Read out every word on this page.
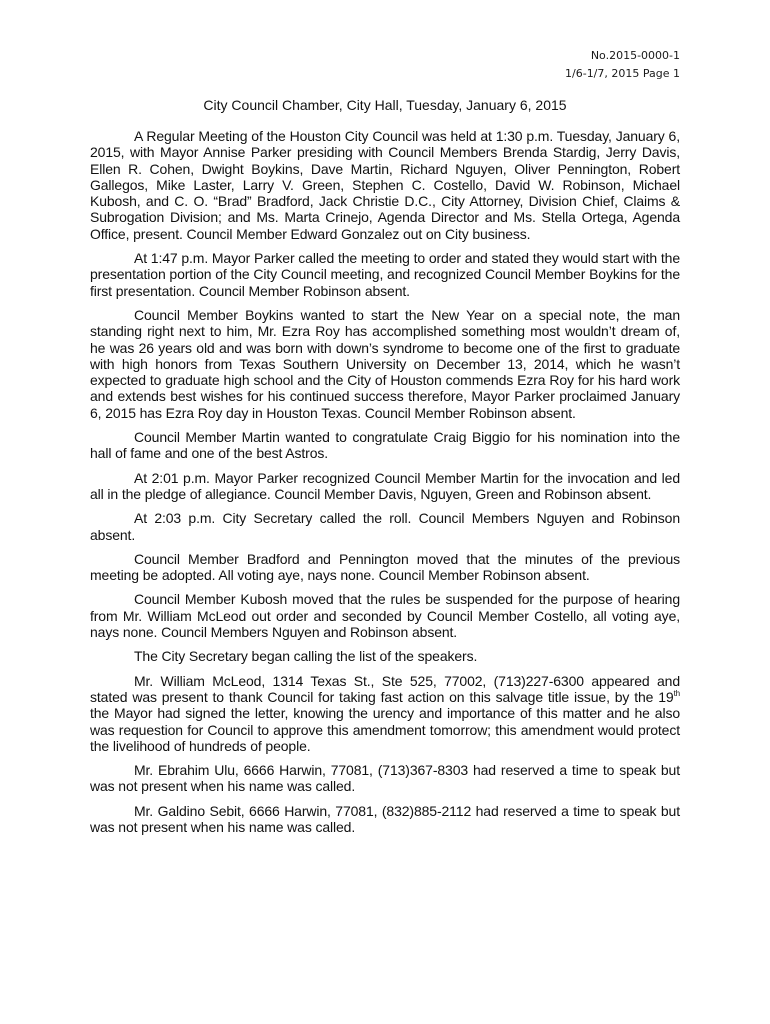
No.2015-0000-1
1/6-1/7, 2015 Page 1
City Council Chamber, City Hall, Tuesday, January 6, 2015

A Regular Meeting of the Houston City Council was held at 1:30 p.m. Tuesday, January 6, 2015, with Mayor Annise Parker presiding with Council Members Brenda Stardig, Jerry Davis, Ellen R. Cohen, Dwight Boykins, Dave Martin, Richard Nguyen, Oliver Pennington, Robert Gallegos, Mike Laster, Larry V. Green, Stephen C. Costello, David W. Robinson, Michael Kubosh, and C. O. “Brad” Bradford, Jack Christie D.C., City Attorney, Division Chief, Claims & Subrogation Division; and Ms. Marta Crinejo, Agenda Director and Ms. Stella Ortega, Agenda Office, present. Council Member Edward Gonzalez out on City business.

At 1:47 p.m. Mayor Parker called the meeting to order and stated they would start with the presentation portion of the City Council meeting, and recognized Council Member Boykins for the first presentation. Council Member Robinson absent.

Council Member Boykins wanted to start the New Year on a special note, the man standing right next to him, Mr. Ezra Roy has accomplished something most wouldn’t dream of, he was 26 years old and was born with down’s syndrome to become one of the first to graduate with high honors from Texas Southern University on December 13, 2014, which he wasn’t expected to graduate high school and the City of Houston commends Ezra Roy for his hard work and extends best wishes for his continued success therefore, Mayor Parker proclaimed January 6, 2015 has Ezra Roy day in Houston Texas. Council Member Robinson absent.

Council Member Martin wanted to congratulate Craig Biggio for his nomination into the hall of fame and one of the best Astros.

At 2:01 p.m. Mayor Parker recognized Council Member Martin for the invocation and led all in the pledge of allegiance. Council Member Davis, Nguyen, Green and Robinson absent.

At 2:03 p.m. City Secretary called the roll. Council Members Nguyen and Robinson absent.

Council Member Bradford and Pennington moved that the minutes of the previous meeting be adopted. All voting aye, nays none. Council Member Robinson absent.

Council Member Kubosh moved that the rules be suspended for the purpose of hearing from Mr. William McLeod out order and seconded by Council Member Costello, all voting aye, nays none. Council Members Nguyen and Robinson absent.

The City Secretary began calling the list of the speakers.

Mr. William McLeod, 1314 Texas St., Ste 525, 77002, (713)227-6300 appeared and stated was present to thank Council for taking fast action on this salvage title issue, by the 19th the Mayor had signed the letter, knowing the urency and importance of this matter and he also was requestion for Council to approve this amendment tomorrow; this amendment would protect the livelihood of hundreds of people.

Mr. Ebrahim Ulu, 6666 Harwin, 77081, (713)367-8303 had reserved a time to speak but was not present when his name was called.

Mr. Galdino Sebit, 6666 Harwin, 77081, (832)885-2112 had reserved a time to speak but was not present when his name was called.
